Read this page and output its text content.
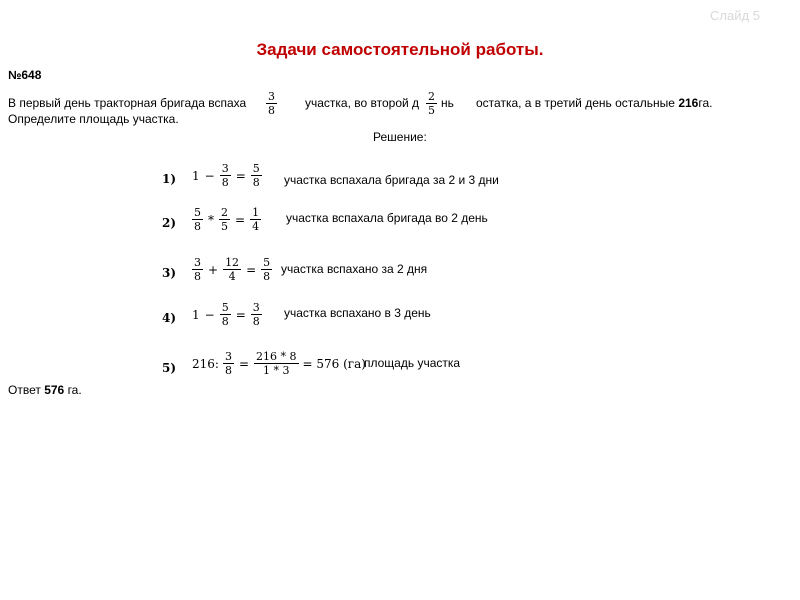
Слайд 5
Задачи самостоятельной работы.
№648
В первый день тракторная бригада вспаха $\frac{3}{8}$ участка, во второй д $\frac{2}{5}$ нь остатка, а в третий день остальные 216га.
Определите площадь участка.
Решение:
1) $1 - \frac{3}{8} = \frac{5}{8}$ участка вспахала бригада за 2 и 3 дни
$2) \frac{5}{8} * \frac{2}{5} = \frac{1}{4}$ участка вспахала бригада во 2 день
$3) \frac{3}{8} + \frac{12}{4} = \frac{5}{8}$ участка вспахано за 2 дня
4) $1 - \frac{5}{8} = \frac{3}{8}$ участка вспахано в 3 день
5) 216: $\frac{3}{8} = \frac{216 * 8}{1 * 3} = 576$ (га)
площадь участка
Ответ 576 га.
